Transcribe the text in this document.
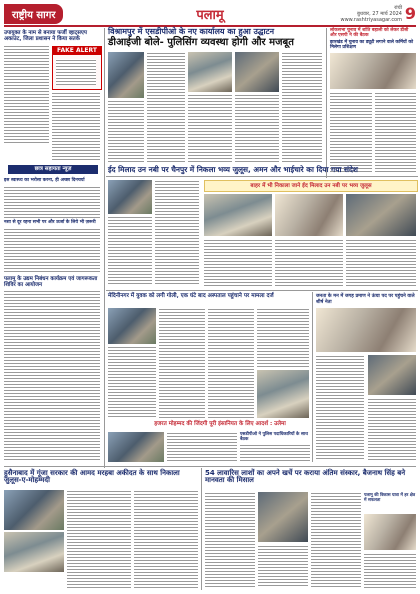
राष्ट्रीय सागर	पलामू	रांची
बुधवार, 27 मार्च 2024
www.rashtriyasagar.com 9
उपायुक्त के नाम से बनाया फर्जी व्हाट्सएप अकाउंट, जिला प्रशासन ने किया सतर्क
FAKE ALERT
छात्र सहायता न्यूज़
इस स्वास्थ्य का भरोसा करना, ही अच्छा दिनचर्या
नशा से दूर रहना सभी पर और ऊर्जा के लिये भी ज़रूरी
पलामू के उद्यम निबंधन कार्यक्रम एवं जागरूकता शिविर का आयोजन
विश्रामपुर में एसडीपीओ के नए कार्यालय का हुआ उद्घाटन
डीआईजी बोले- पुलिसिंग व्यवस्था होगी और मजबूत
लोकसभा चुनाव में शांति बहाली को लेकर डीसी और एसपी ने की बैठक
झारखंड में चुनाव का ड्यूटी लगाने वाले कर्मियों को मिलेगा प्रशिक्षण
ईद मिलाद उन नबी पर चैनपुर में निकला भव्य जुलूस, अमन और भाईचारे का दिया गया संदेश
बाहर में भी निकाला जाने ईद मिलाद उन नबी पर भव्य जुलूस
मेदिनीनगर में युवक को लगी गोली, एक घंटे बाद अस्पताल पहुंचाने पर मामला दर्ज	जनता के मन में जगह प्रमाण ने ऊंचा पद पर पहुंचने वाले शीर्ष नेता
हजरत मोहम्मद की जिंदगी पूरी इंसानियत के लिए आदर्श : उलेमा
एसडीपीओ ने पुलिस पदाधिकारियों के साथ बैठक
हुसैनाबाद में गूंजा सरकार की आमद मरहबा अकीदत के साथ निकाला जुलूस-ए-मोहम्मदी
54 लावारिस लाशों का अपने खर्चे पर कराया अंतिम संस्कार, बैजनाथ सिंह बने मानवता की मिसाल
पलामू की विकास यात्रा में हर क्षेत्र में सफलता
